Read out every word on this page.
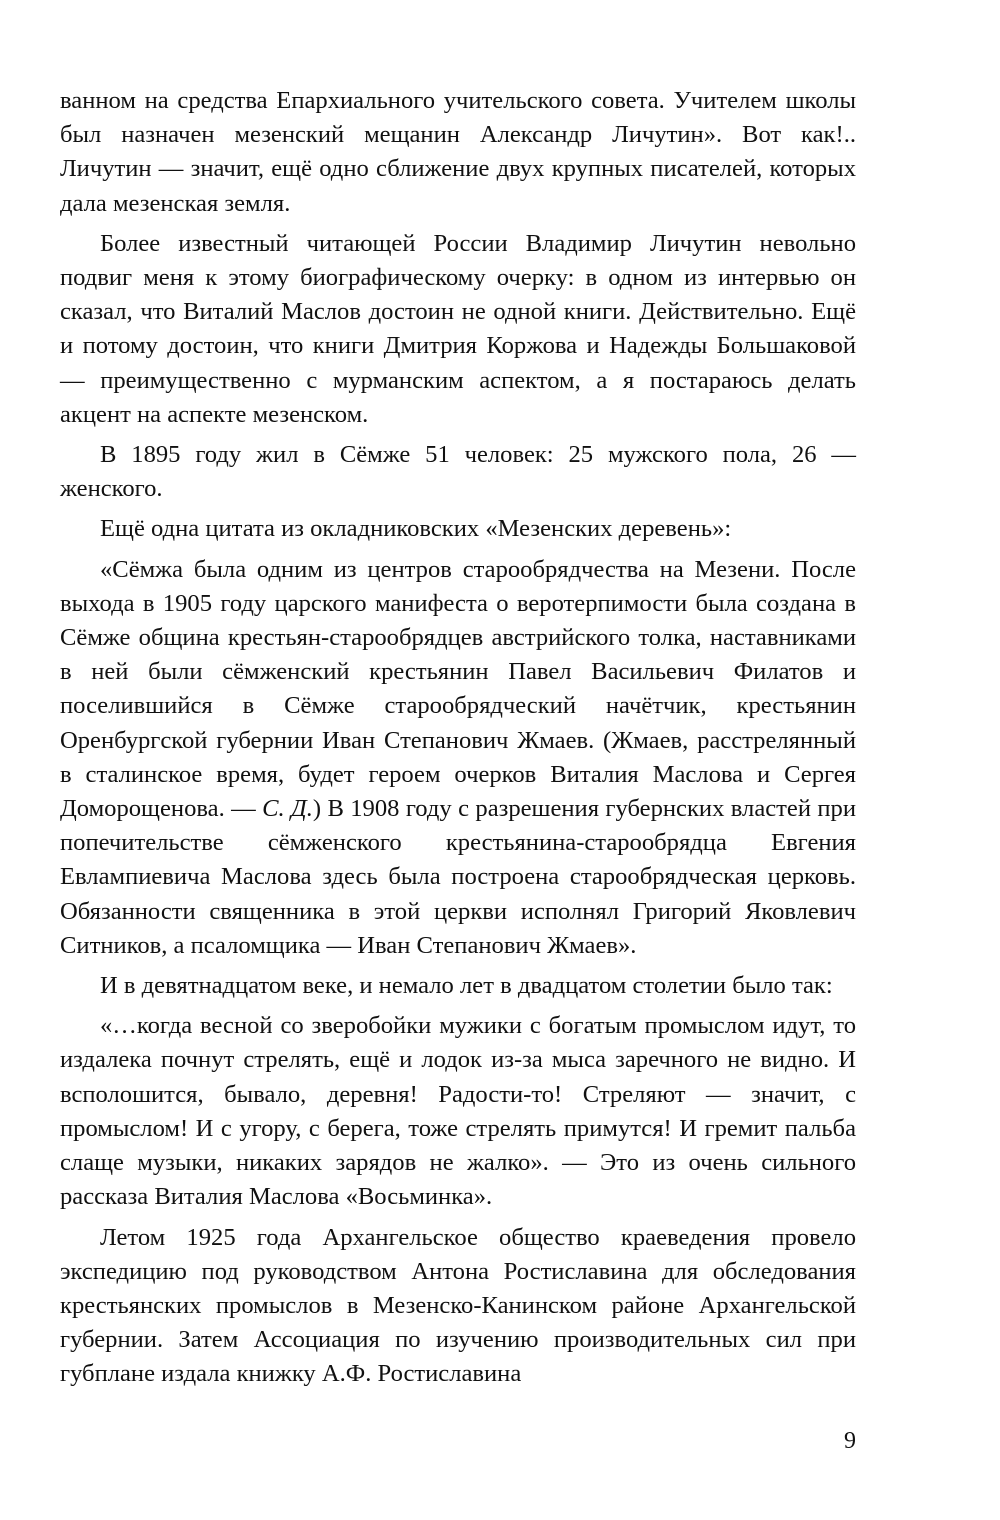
ванном на средства Епархиального учительского совета. Учителем школы был назначен мезенский мещанин Александр Личутин». Вот как!.. Личутин — значит, ещё одно сближение двух крупных писателей, которых дала мезенская земля.

Более известный читающей России Владимир Личутин невольно подвиг меня к этому биографическому очерку: в одном из интервью он сказал, что Виталий Маслов достоин не одной книги. Действительно. Ещё и потому достоин, что книги Дмитрия Коржова и Надежды Большаковой — преимущественно с мурманским аспектом, а я постараюсь делать акцент на аспекте мезенском.

В 1895 году жил в Сёмже 51 человек: 25 мужского пола, 26 — женского.

Ещё одна цитата из окладниковских «Мезенских деревень»:

«Сёмжа была одним из центров старообрядчества на Мезени. После выхода в 1905 году царского манифеста о веротерпимости была создана в Сёмже община крестьян-старообрядцев австрийского толка, наставниками в ней были сёмженский крестьянин Павел Васильевич Филатов и поселившийся в Сёмже старообрядческий начётчик, крестьянин Оренбургской губернии Иван Степанович Жмаев. (Жмаев, расстрелянный в сталинское время, будет героем очерков Виталия Маслова и Сергея Доморощенова. — С. Д.) В 1908 году с разрешения губернских властей при попечительстве сёмженского крестьянина-старообрядца Евгения Евлампиевича Маслова здесь была построена старообрядческая церковь. Обязанности священника в этой церкви исполнял Григорий Яковлевич Ситников, а псаломщика — Иван Степанович Жмаев».

И в девятнадцатом веке, и немало лет в двадцатом столетии было так:

«…когда весной со зверобойки мужики с богатым промыслом идут, то издалека почнут стрелять, ещё и лодок из-за мыса заречного не видно. И всполошится, бывало, деревня! Радости-то! Стреляют — значит, с промыслом! И с угору, с берега, тоже стрелять примутся! И гремит пальба слаще музыки, никаких зарядов не жалко». — Это из очень сильного рассказа Виталия Маслова «Восьминка».

Летом 1925 года Архангельское общество краеведения провело экспедицию под руководством Антона Ростиславина для обследования крестьянских промыслов в Мезенско-Канинском районе Архангельской губернии. Затем Ассоциация по изучению производительных сил при губплане издала книжку А.Ф. Ростиславина

9
